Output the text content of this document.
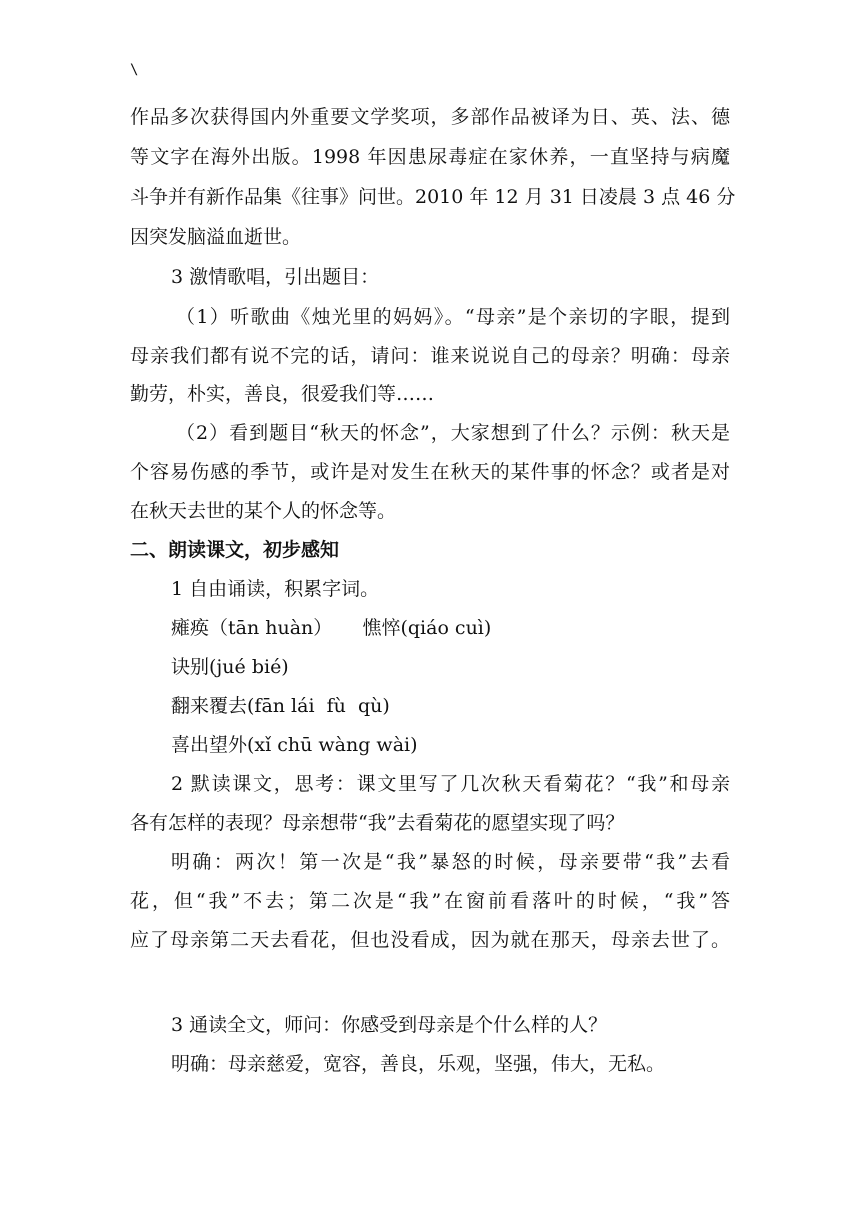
\
作品多次获得国内外重要文学奖项，多部作品被译为日、英、法、德
等文字在海外出版。1998 年因患尿毒症在家休养，一直坚持与病魔
斗争并有新作品集《往事》问世。2010 年 12 月 31 日凌晨 3 点 46 分
因突发脑溢血逝世。
3 激情歌唱，引出题目：
（1）听歌曲《烛光里的妈妈》。“母亲”是个亲切的字眼，提到
母亲我们都有说不完的话，请问：谁来说说自己的母亲？明确：母亲
勤劳，朴实，善良，很爱我们等……
（2）看到题目“秋天的怀念”，大家想到了什么？示例：秋天是
个容易伤感的季节，或许是对发生在秋天的某件事的怀念？或者是对
在秋天去世的某个人的怀念等。
二、朗读课文，初步感知
1 自由诵读，积累字词。
瘫痪（tān huàn）     憔悴(qiáo cuì)
诀别(jué bié)
翻来覆去(fān lái  fù  qù)
喜出望外(xǐ chū wàng wài)
2 默读课文，思考：课文里写了几次秋天看菊花？“我”和母亲
各有怎样的表现？母亲想带“我”去看菊花的愿望实现了吗？
明确：两次！第一次是“我”暴怒的时候，母亲要带“我”去看
花，但“我”不去；第二次是“我”在窗前看落叶的时候，“我”答
应了母亲第二天去看花，但也没看成，因为就在那天，母亲去世了。
3 通读全文，师问：你感受到母亲是个什么样的人？
明确：母亲慈爱，宽容，善良，乐观，坚强，伟大，无私。
